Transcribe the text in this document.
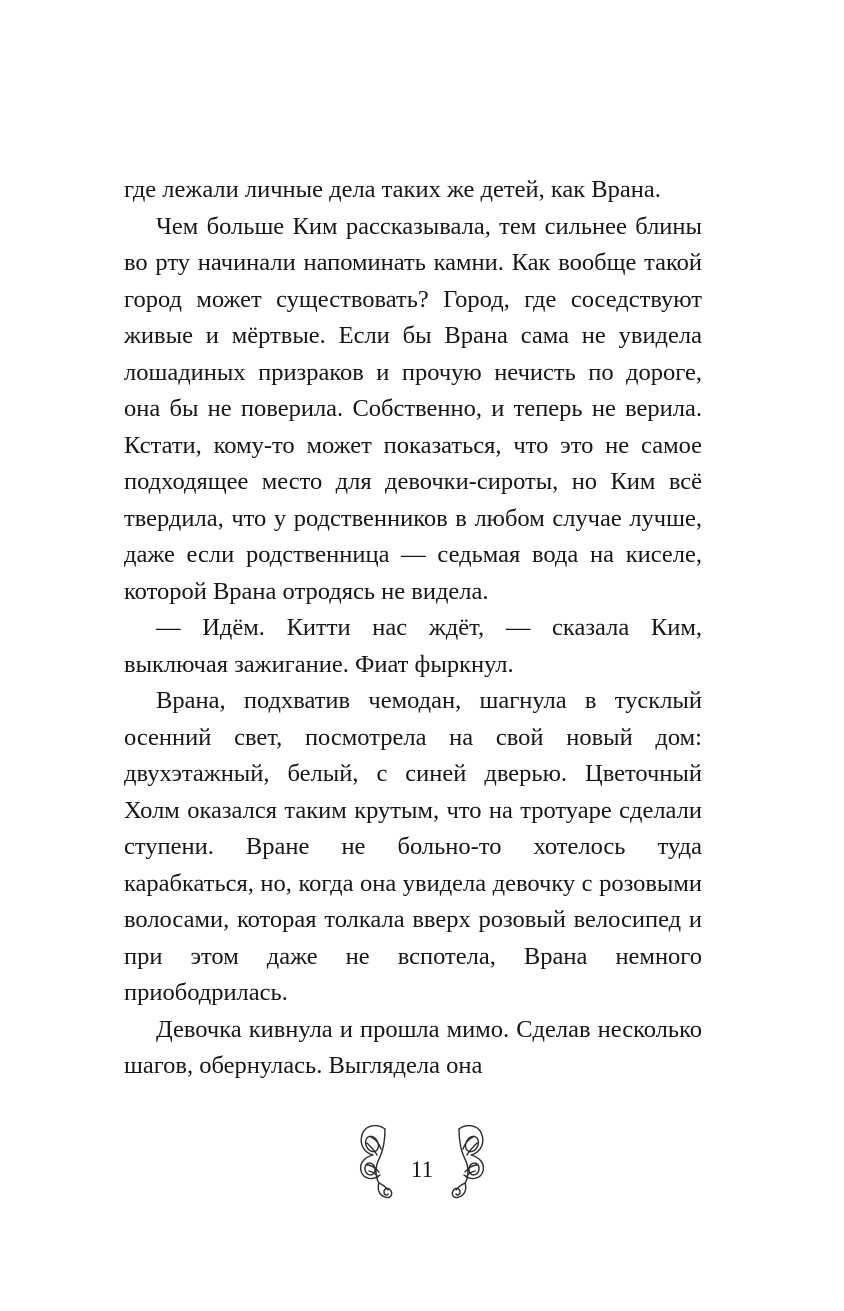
где лежали личные дела таких же детей, как Врана.

Чем больше Ким рассказывала, тем сильнее блины во рту начинали напоминать камни. Как вообще такой город может существовать? Город, где соседствуют живые и мёртвые. Если бы Врана сама не увидела лошадиных призраков и прочую нечисть по дороге, она бы не поверила. Собственно, и теперь не верила. Кстати, кому-то может показаться, что это не самое подходящее место для девочки-сироты, но Ким всё твердила, что у родственников в любом случае лучше, даже если родственница — седьмая вода на киселе, которой Врана отродясь не видела.

— Идём. Китти нас ждёт, — сказала Ким, выключая зажигание. Фиат фыркнул.

Врана, подхватив чемодан, шагнула в тусклый осенний свет, посмотрела на свой новый дом: двухэтажный, белый, с синей дверью. Цветочный Холм оказался таким крутым, что на тротуаре сделали ступени. Вране не больно-то хотелось туда карабкаться, но, когда она увидела девочку с розовыми волосами, которая толкала вверх розовый велосипед и при этом даже не вспотела, Врана немного приободрилась.

Девочка кивнула и прошла мимо. Сделав несколько шагов, обернулась. Выглядела она

11
